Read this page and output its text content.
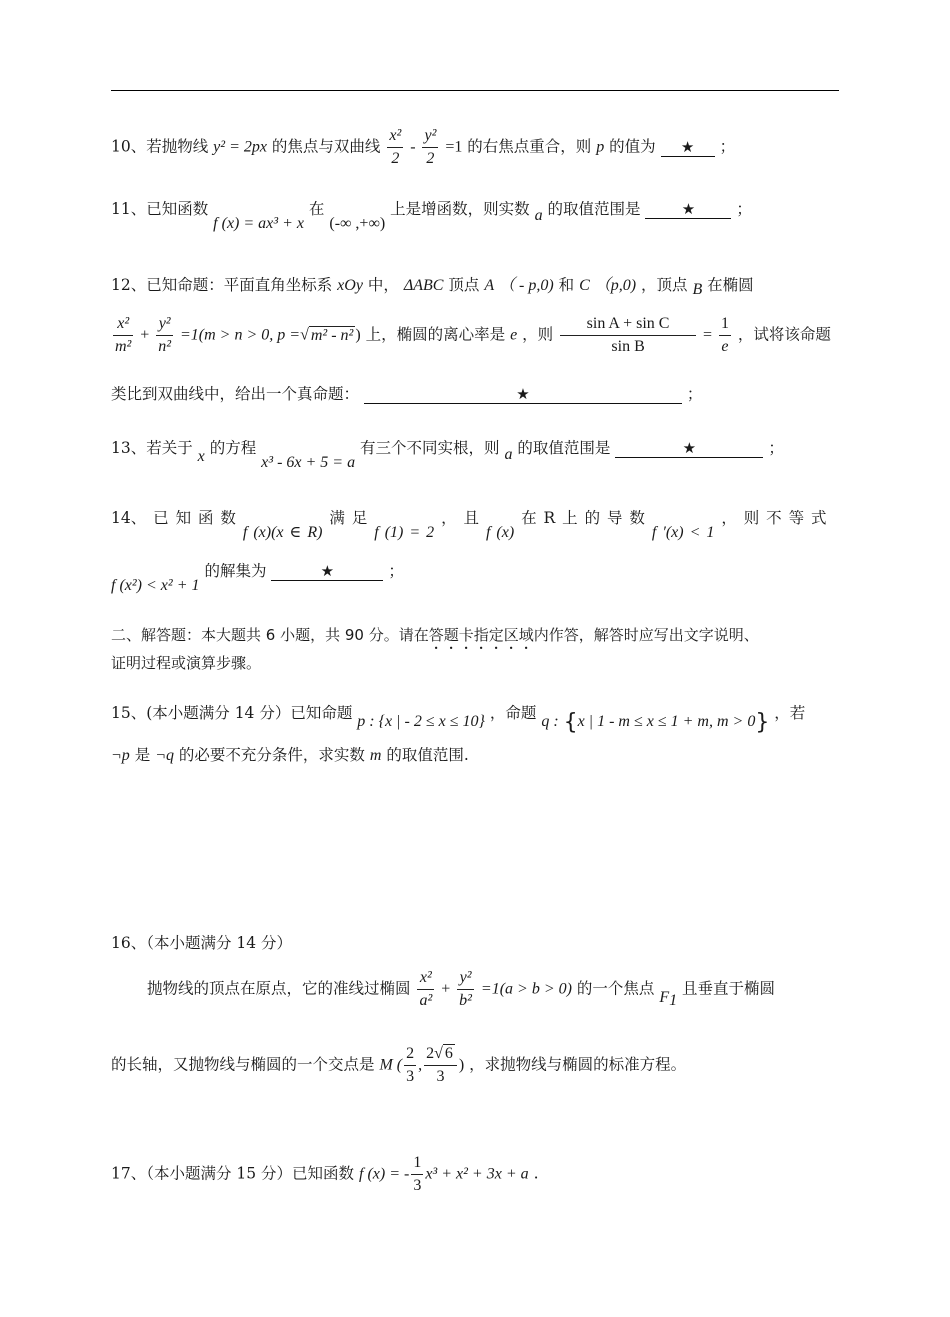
10、若抛物线 y² = 2px 的焦点与双曲线 $\frac{\text{x²}}{2} - \frac{\text{y²}}{2} =1$ 的右焦点重合，则 p 的值为 ★ ；
11、已知函数 f (x) = ax³ + x 在 (-∞ ,+∞) 上是增函数，则实数 a 的取值范围是	★	；
12、已知命题：平面直角坐标系 xOy 中， ΔABC 顶点 A （ - p,0) 和 C （p,0) ，顶点 B 在椭圆
$\frac{\text{x²}}{\text{m²}} + \frac{\text{y²}}{\text{n²}} =1(m > n > 0$, p =√ m² - n² ) 上，椭圆的离心率是 e ，则 $\frac{\text{sin A + sin C}}{\text{sin B}} = \frac{1}{e}$ ，试将该命题
类比到双曲线中，给出一个真命题：	★	；
13、若关于 x 的方程 x³ - 6x + 5 = a 有三个不同实根，则 a 的取值范围是	★	；
14、 已 知 函 数 f (x)(x ∈ R) 满 足 f (1) = 2 ， 且 f (x) 在 R 上 的 导 数 f ′(x) < 1 ， 则 不 等 式
f (x²) < x² + 1 的解集为	★	；
二、解答题：本大题共 6 小题，共 90 分。请在答题卡指定区域内作答，解答时应写出文字说明、
证明过程或演算步骤。
15、(本小题满分 14 分）已知命题 p : {x | - 2 ≤ x ≤ 10} ，命题 q : {x | 1 - m ≤ x ≤ 1 + m, m > 0} ，若
¬p 是 ¬q 的必要不充分条件，求实数 m 的取值范围.
16、（本小题满分 14 分）
抛物线的顶点在原点，它的准线过椭圆 $\frac{\text{x²}}{\text{a²}} + \frac{\text{y²}}{\text{b²}} =1(a > b > 0)$ 的一个焦点 $F_1$ 且垂直于椭圆
的长轴，又抛物线与椭圆的一个交点是 M ( $\frac{2}{3}$ , $\frac{2√ 6}{3}$ ) ，求抛物线与椭圆的标准方程。
17、（本小题满分 15 分）已知函数 f (x) = - $\frac{1}{3} x^3 + x^2 + 3x + a$ .
